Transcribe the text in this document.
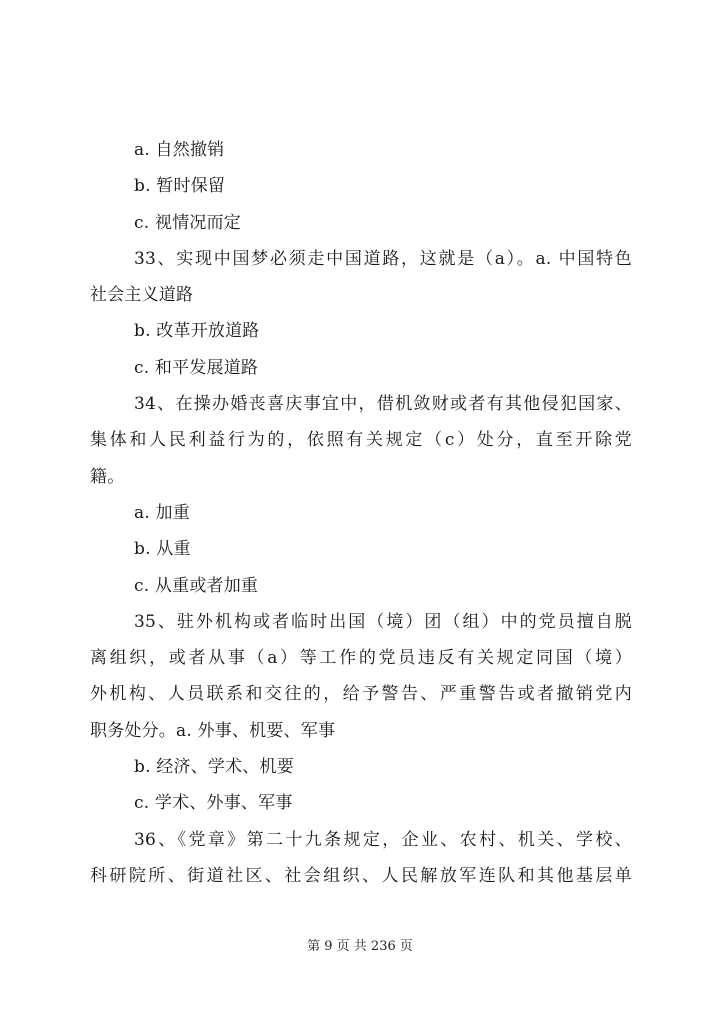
a. 自然撤销
b. 暂时保留
c. 视情况而定
33、实现中国梦必须走中国道路，这就是（a）。a. 中国特色
社会主义道路
b. 改革开放道路
c. 和平发展道路
34、在操办婚丧喜庆事宜中，借机敛财或者有其他侵犯国家、
集体和人民利益行为的，依照有关规定（c）处分，直至开除党
籍。
a. 加重
b. 从重
c. 从重或者加重
35、驻外机构或者临时出国（境）团（组）中的党员擅自脱
离组织，或者从事（a）等工作的党员违反有关规定同国（境）
外机构、人员联系和交往的，给予警告、严重警告或者撤销党内
职务处分。a. 外事、机要、军事
b. 经济、学术、机要
c. 学术、外事、军事
36、《党章》第二十九条规定，企业、农村、机关、学校、
科研院所、街道社区、社会组织、人民解放军连队和其他基层单
第 9 页 共 236 页
